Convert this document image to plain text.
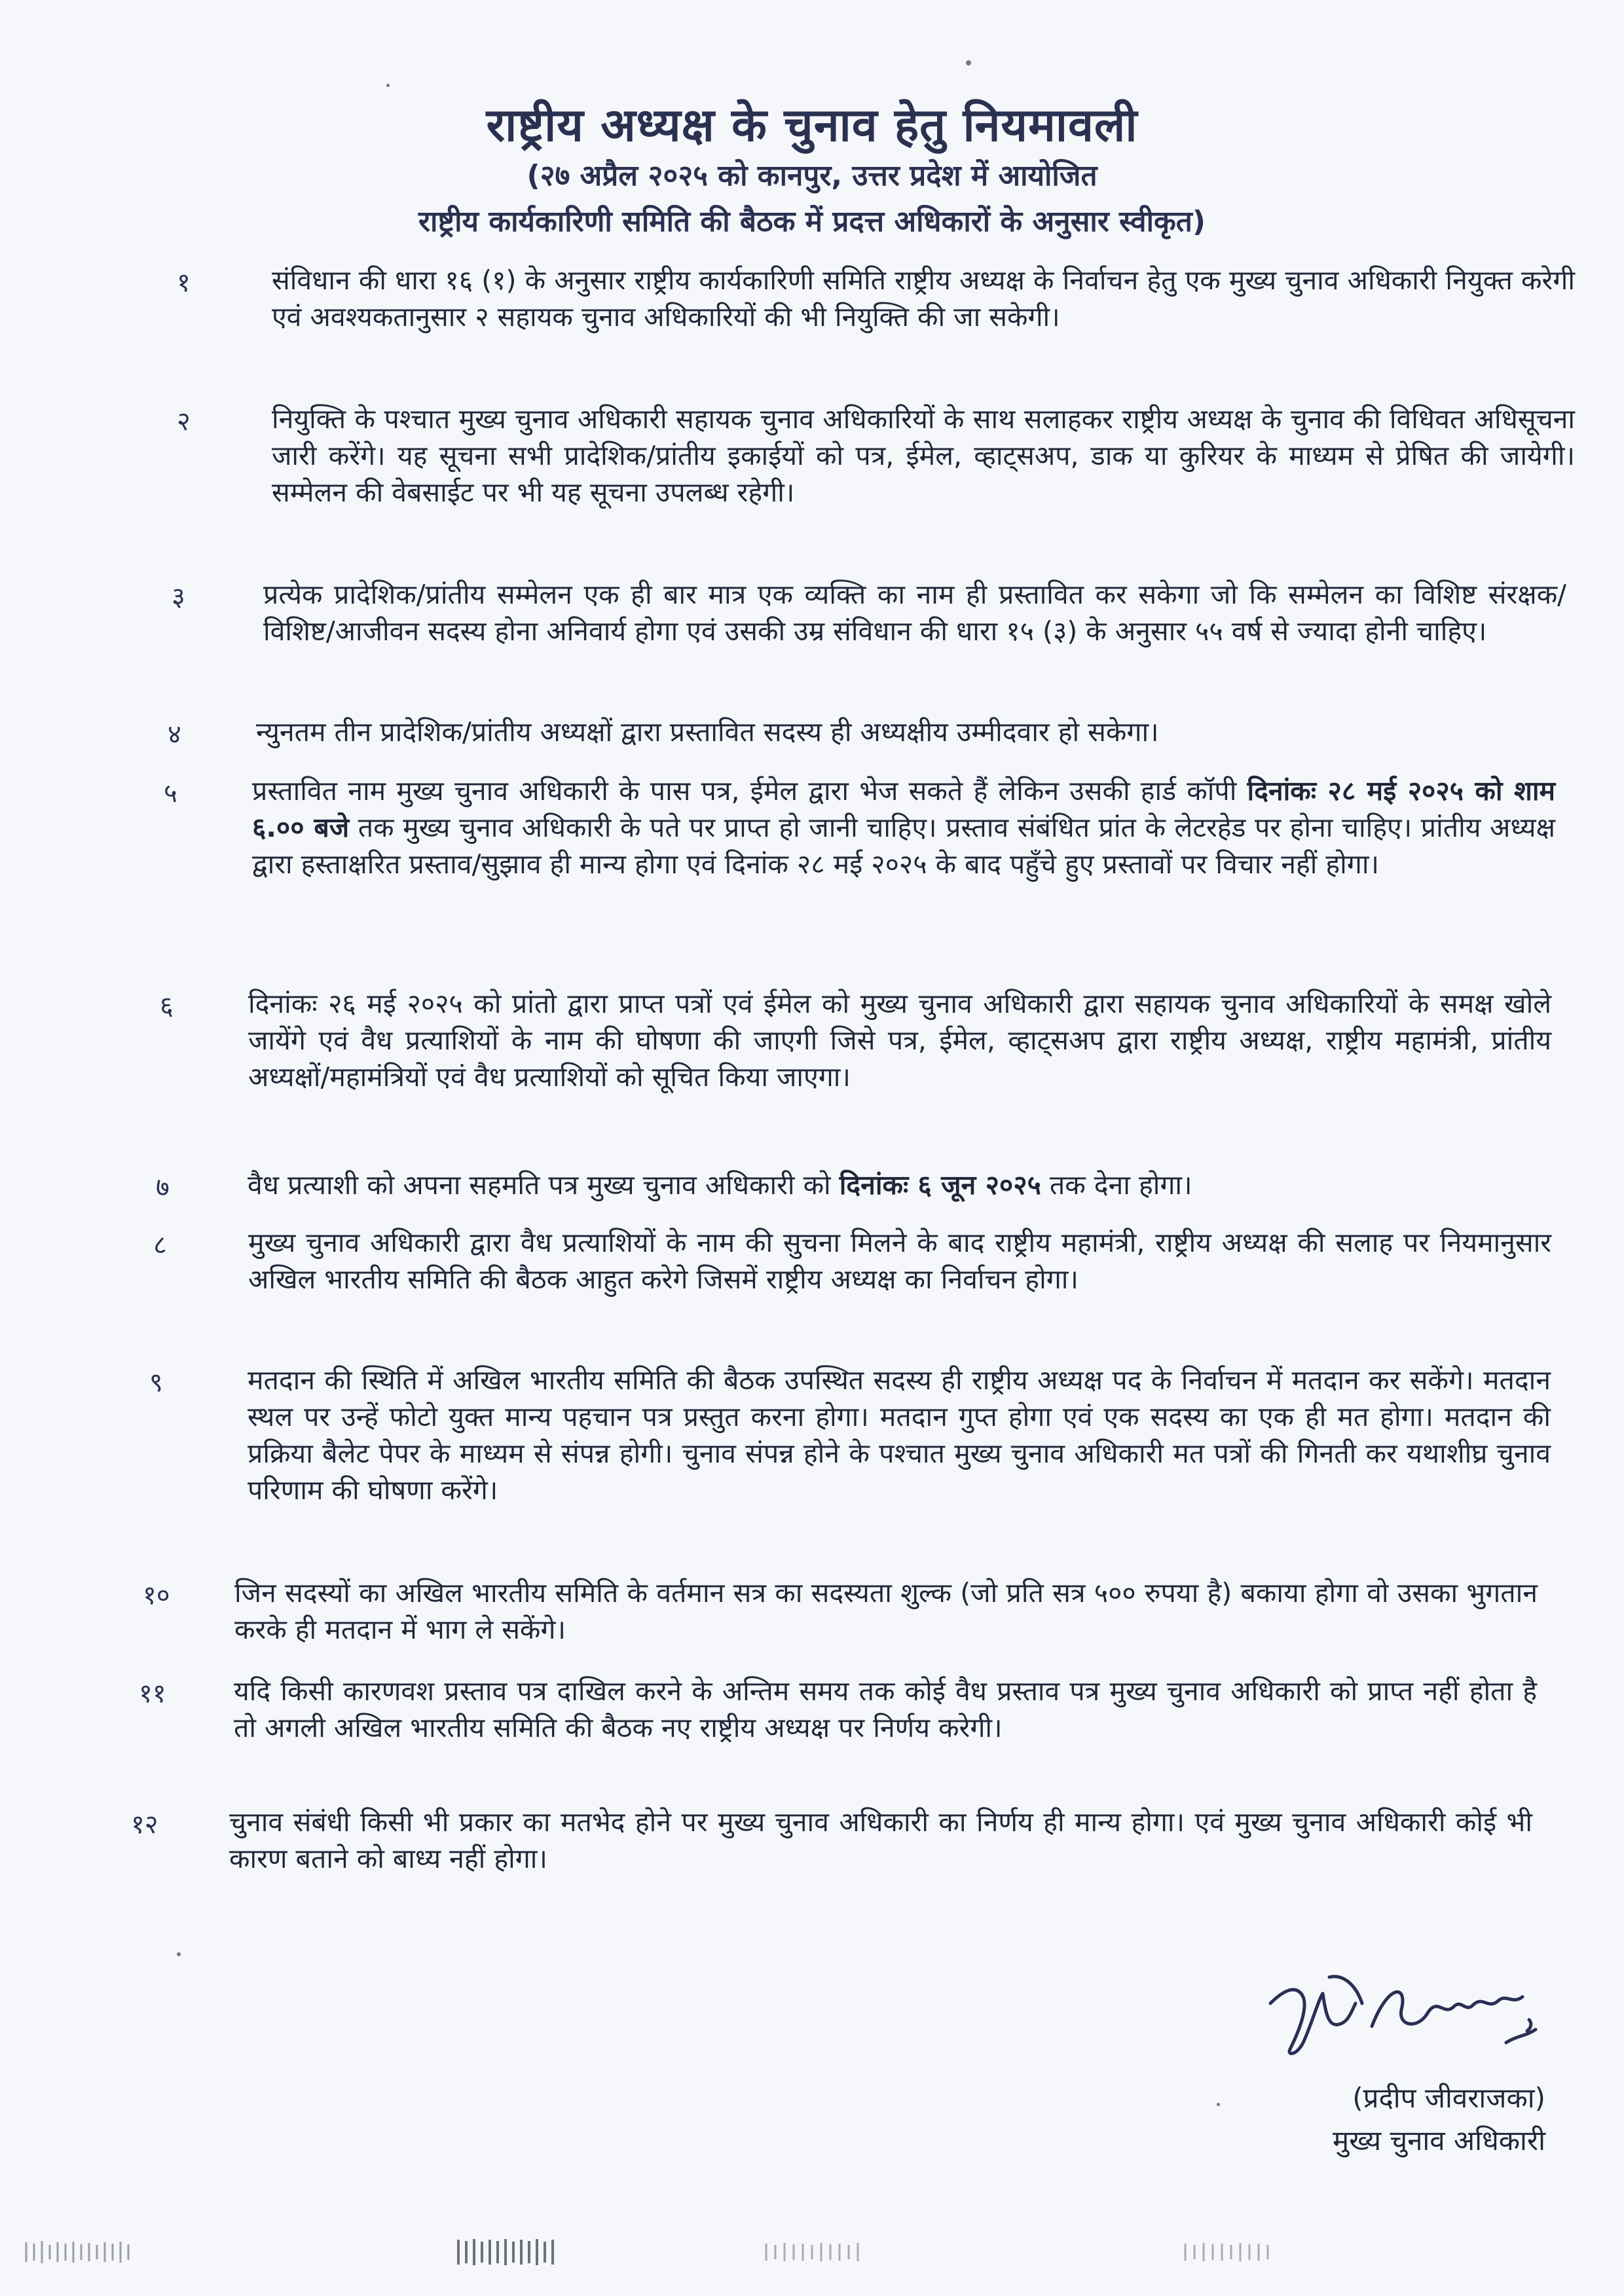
राष्ट्रीय अध्यक्ष के चुनाव हेतु नियमावली
(२७ अप्रैल २०२५ को कानपुर, उत्तर प्रदेश में आयोजित
राष्ट्रीय कार्यकारिणी समिति की बैठक में प्रदत्त अधिकारों के अनुसार स्वीकृत)
१	संविधान की धारा १६ (१) के अनुसार राष्ट्रीय कार्यकारिणी समिति राष्ट्रीय अध्यक्ष के निर्वाचन हेतु एक मुख्य चुनाव अधिकारी नियुक्त करेगी एवं अवश्यकतानुसार २ सहायक चुनाव अधिकारियों की भी नियुक्ति की जा सकेगी।
२	नियुक्ति के पश्चात मुख्य चुनाव अधिकारी सहायक चुनाव अधिकारियों के साथ सलाहकर राष्ट्रीय अध्यक्ष के चुनाव की विधिवत अधिसूचना जारी करेंगे। यह सूचना सभी प्रादेशिक/प्रांतीय इकाईयों को पत्र, ईमेल, व्हाट्सअप, डाक या कुरियर के माध्यम से प्रेषित की जायेगी। सम्मेलन की वेबसाईट पर भी यह सूचना उपलब्ध रहेगी।
३	प्रत्येक प्रादेशिक/प्रांतीय सम्मेलन एक ही बार मात्र एक व्यक्ति का नाम ही प्रस्तावित कर सकेगा जो कि सम्मेलन का विशिष्ट संरक्षक/विशिष्ट/आजीवन सदस्य होना अनिवार्य होगा एवं उसकी उम्र संविधान की धारा १५ (३) के अनुसार ५५ वर्ष से ज्यादा होनी चाहिए।
४	न्युनतम तीन प्रादेशिक/प्रांतीय अध्यक्षों द्वारा प्रस्तावित सदस्य ही अध्यक्षीय उम्मीदवार हो सकेगा।
५	प्रस्तावित नाम मुख्य चुनाव अधिकारी के पास पत्र, ईमेल द्वारा भेज सकते हैं लेकिन उसकी हार्ड कॉपी दिनांकः २८ मई २०२५ को शाम ६.०० बजे तक मुख्य चुनाव अधिकारी के पते पर प्राप्त हो जानी चाहिए। प्रस्ताव संबंधित प्रांत के लेटरहेड पर होना चाहिए। प्रांतीय अध्यक्ष द्वारा हस्ताक्षरित प्रस्ताव/सुझाव ही मान्य होगा एवं दिनांक २८ मई २०२५ के बाद पहुँचे हुए प्रस्तावों पर विचार नहीं होगा।
६	दिनांकः २६ मई २०२५ को प्रांतो द्वारा प्राप्त पत्रों एवं ईमेल को मुख्य चुनाव अधिकारी द्वारा सहायक चुनाव अधिकारियों के समक्ष खोले जायेंगे एवं वैध प्रत्याशियों के नाम की घोषणा की जाएगी जिसे पत्र, ईमेल, व्हाट्सअप द्वारा राष्ट्रीय अध्यक्ष, राष्ट्रीय महामंत्री, प्रांतीय अध्यक्षों/महामंत्रियों एवं वैध प्रत्याशियों को सूचित किया जाएगा।
७	वैध प्रत्याशी को अपना सहमति पत्र मुख्य चुनाव अधिकारी को दिनांकः ६ जून २०२५ तक देना होगा।
८	मुख्य चुनाव अधिकारी द्वारा वैध प्रत्याशियों के नाम की सुचना मिलने के बाद राष्ट्रीय महामंत्री, राष्ट्रीय अध्यक्ष की सलाह पर नियमानुसार अखिल भारतीय समिति की बैठक आहुत करेगे जिसमें राष्ट्रीय अध्यक्ष का निर्वाचन होगा।
९	मतदान की स्थिति में अखिल भारतीय समिति की बैठक उपस्थित सदस्य ही राष्ट्रीय अध्यक्ष पद के निर्वाचन में मतदान कर सकेंगे। मतदान स्थल पर उन्हें फोटो युक्त मान्य पहचान पत्र प्रस्तुत करना होगा। मतदान गुप्त होगा एवं एक सदस्य का एक ही मत होगा। मतदान की प्रक्रिया बैलेट पेपर के माध्यम से संपन्न होगी। चुनाव संपन्न होने के पश्चात मुख्य चुनाव अधिकारी मत पत्रों की गिनती कर यथाशीघ्र चुनाव परिणाम की घोषणा करेंगे।
१०	जिन सदस्यों का अखिल भारतीय समिति के वर्तमान सत्र का सदस्यता शुल्क (जो प्रति सत्र ५०० रुपया है) बकाया होगा वो उसका भुगतान करके ही मतदान में भाग ले सकेंगे।
११	यदि किसी कारणवश प्रस्ताव पत्र दाखिल करने के अन्तिम समय तक कोई वैध प्रस्ताव पत्र मुख्य चुनाव अधिकारी को प्राप्त नहीं होता है तो अगली अखिल भारतीय समिति की बैठक नए राष्ट्रीय अध्यक्ष पर निर्णय करेगी।
१२	चुनाव संबंधी किसी भी प्रकार का मतभेद होने पर मुख्य चुनाव अधिकारी का निर्णय ही मान्य होगा। एवं मुख्य चुनाव अधिकारी कोई भी कारण बताने को बाध्य नहीं होगा।
(प्रदीप जीवराजका)
मुख्य चुनाव अधिकारी
